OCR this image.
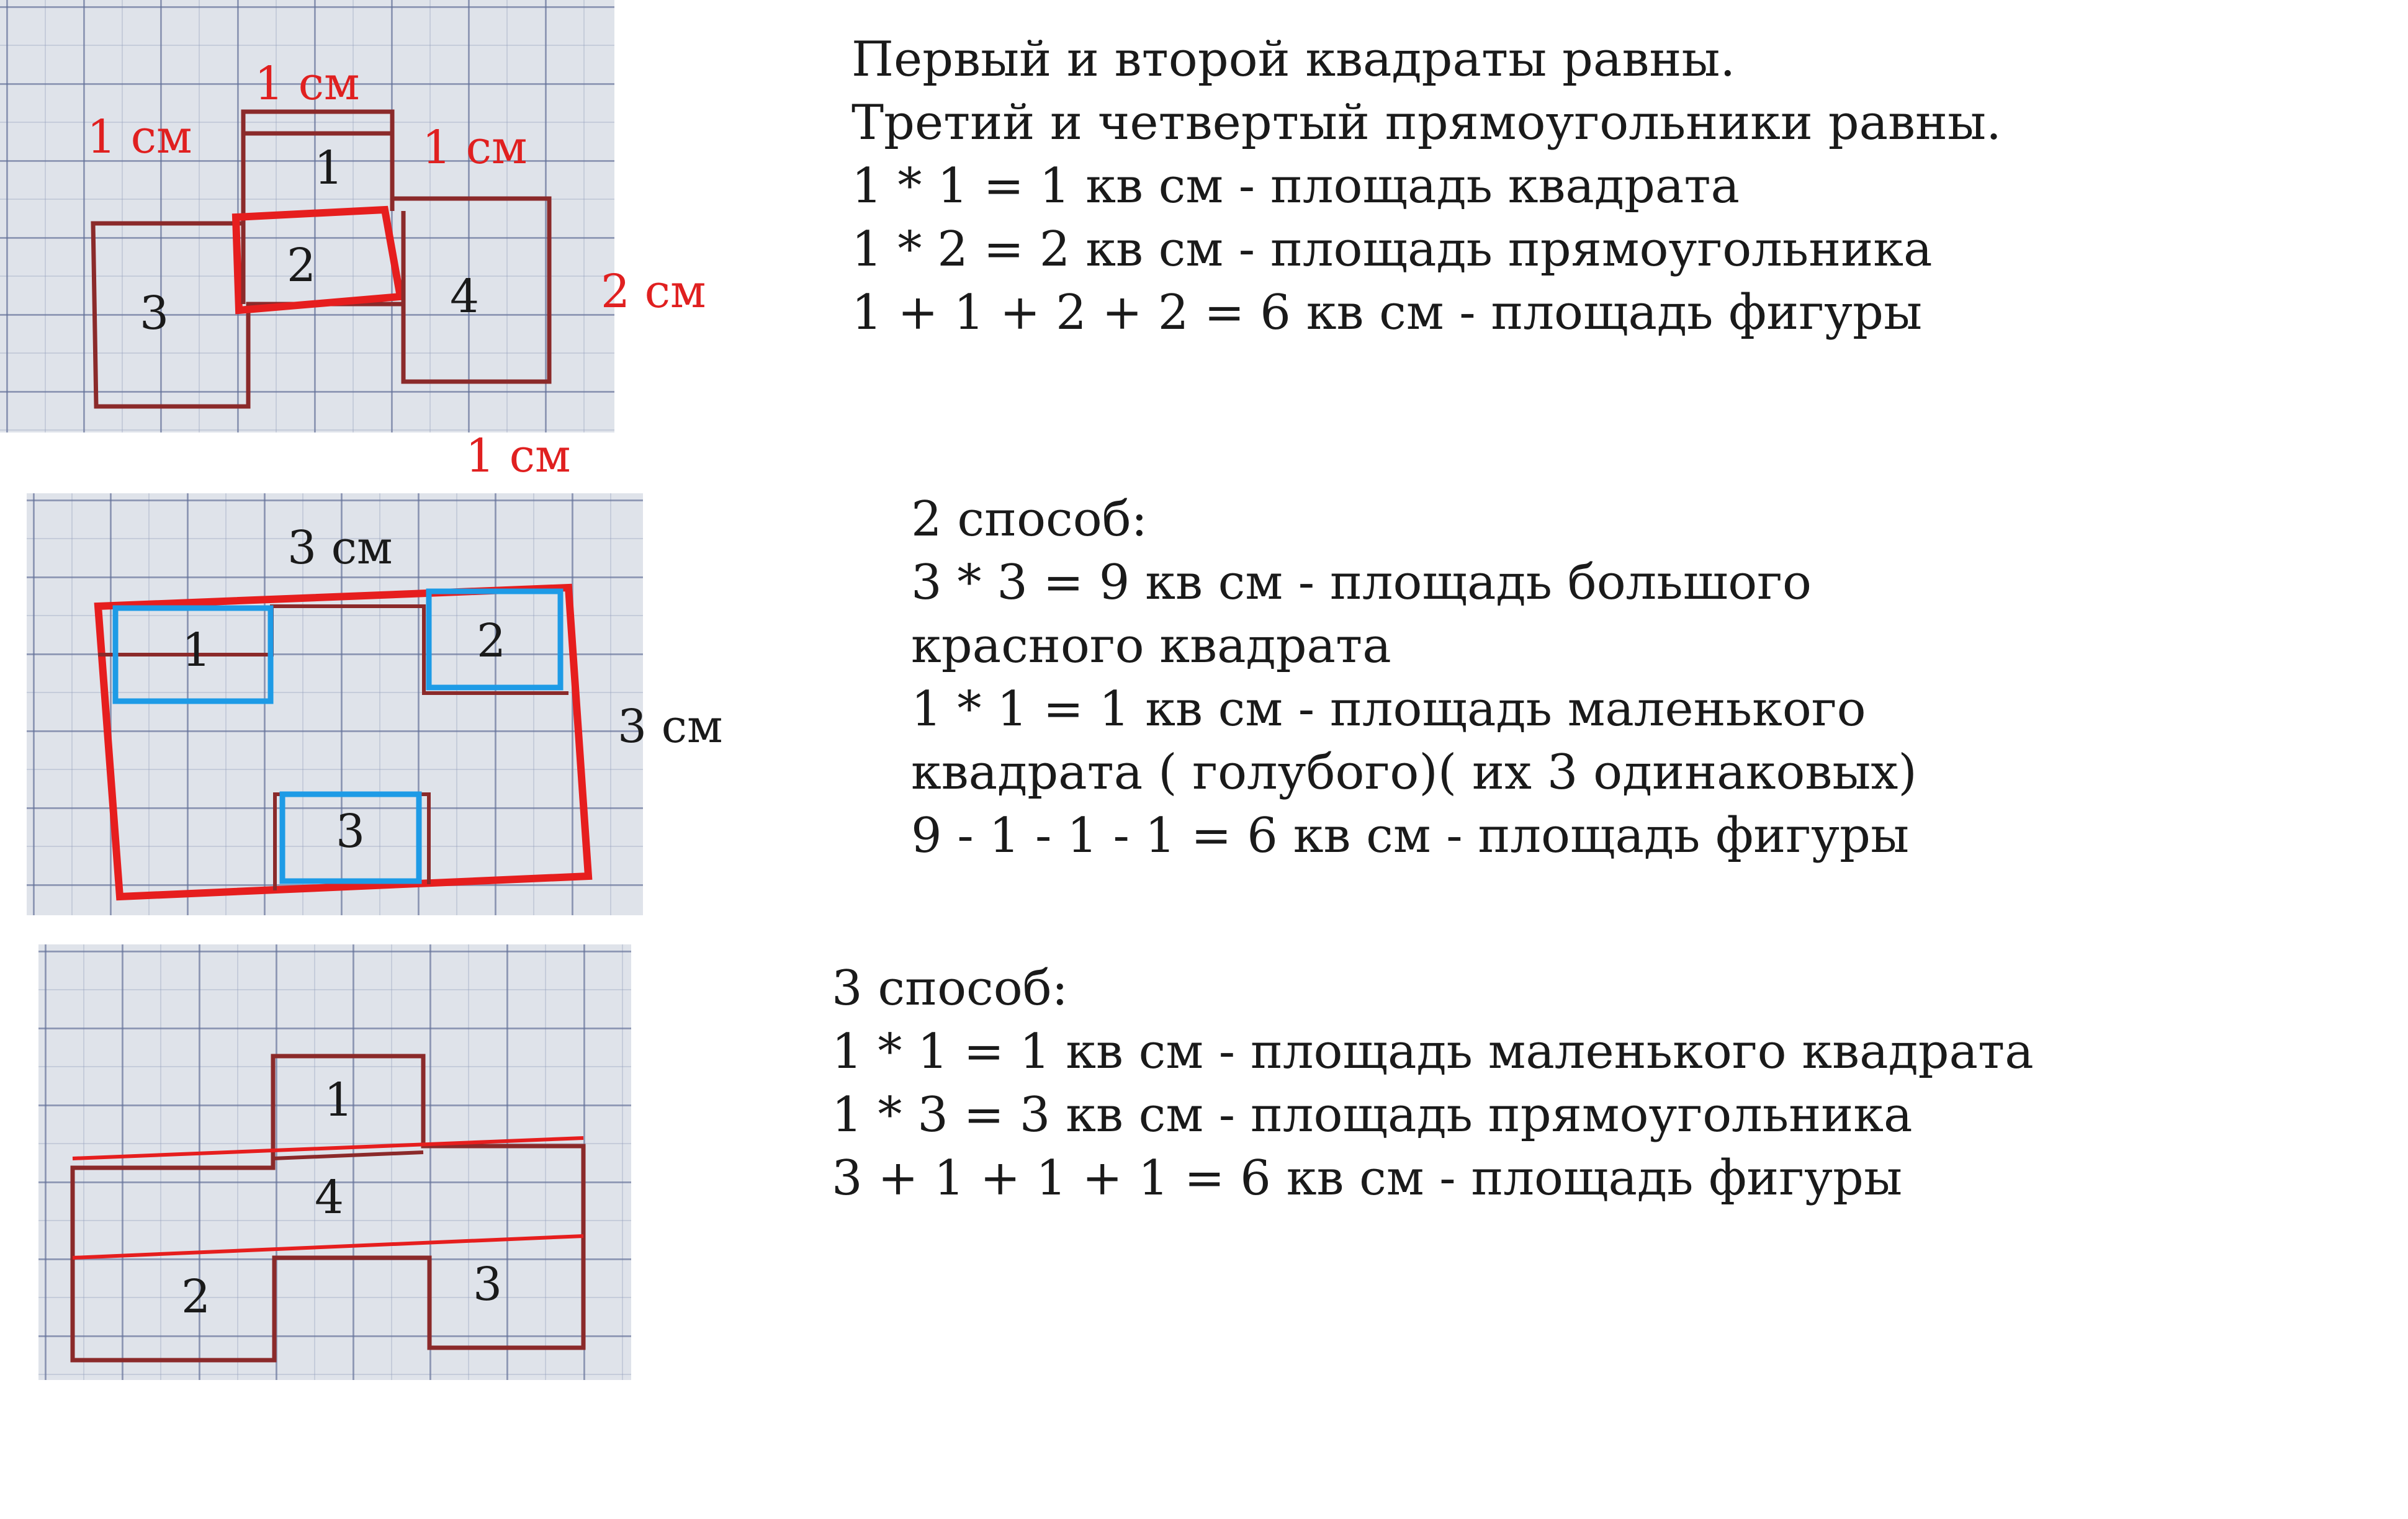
1 см
1 см	1 см
1
2
3	4	2 см
1 см
3 см
1	2
3
3 см
1
4
2	3

Первый и второй квадраты равны.

Третий и четвертый прямоугольники равны.

1 * 1 = 1 кв см - площадь квадрата

1 * 2 = 2 кв см - площадь прямоугольника

1 + 1 + 2 + 2 = 6 кв см - площадь фигуры

2 способ:

3 * 3 = 9 кв см - площадь большого

красного квадрата

1 * 1 = 1 кв см - площадь маленького

квадрата ( голубого)( их 3 одинаковых)

9 - 1 - 1 - 1 = 6 кв см - площадь фигуры

3 способ:

1 * 1 = 1 кв см - площадь маленького квадрата

1 * 3 = 3 кв см - площадь прямоугольника

3 + 1 + 1 + 1 = 6 кв см - площадь фигуры
